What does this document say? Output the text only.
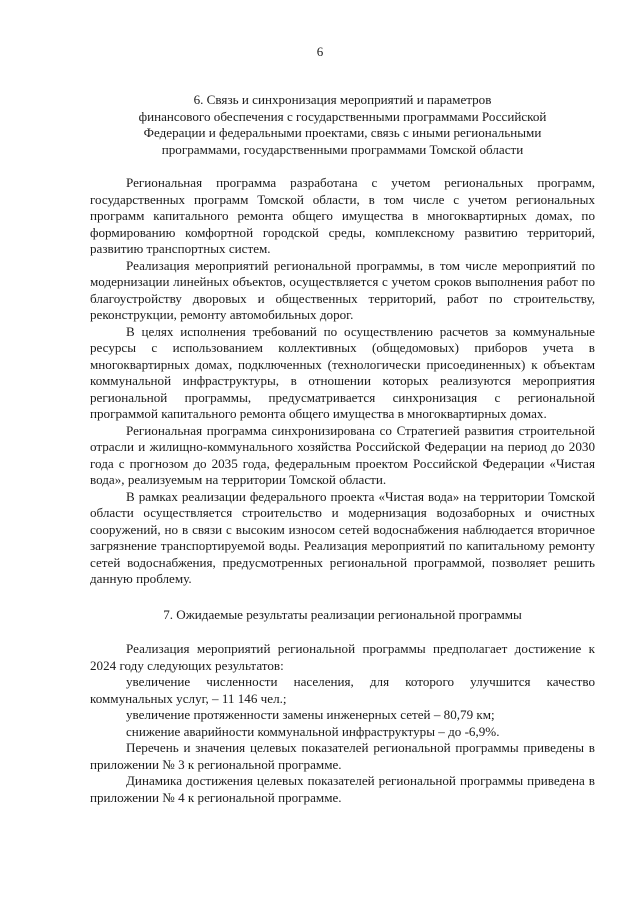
6
6. Связь и синхронизация мероприятий и параметров
финансового обеспечения с государственными программами Российской
Федерации и федеральными проектами, связь с иными региональными
программами, государственными программами Томской области

Региональная программа разработана с учетом региональных программ, государственных программ Томской области, в том числе с учетом региональных программ капитального ремонта общего имущества в многоквартирных домах, по формированию комфортной городской среды, комплексному развитию территорий, развитию транспортных систем.

Реализация мероприятий региональной программы, в том числе мероприятий по модернизации линейных объектов, осуществляется с учетом сроков выполнения работ по благоустройству дворовых и общественных территорий, работ по строительству, реконструкции, ремонту автомобильных дорог.

В целях исполнения требований по осуществлению расчетов за коммунальные ресурсы с использованием коллективных (общедомовых) приборов учета в многоквартирных домах, подключенных (технологически присоединенных) к объектам коммунальной инфраструктуры, в отношении которых реализуются мероприятия региональной программы, предусматривается синхронизация с региональной программой капитального ремонта общего имущества в многоквартирных домах.

Региональная программа синхронизирована со Стратегией развития строительной отрасли и жилищно-коммунального хозяйства Российской Федерации на период до 2030 года с прогнозом до 2035 года, федеральным проектом Российской Федерации «Чистая вода», реализуемым на территории Томской области.

В рамках реализации федерального проекта «Чистая вода» на территории Томской области осуществляется строительство и модернизация водозаборных и очистных сооружений, но в связи с высоким износом сетей водоснабжения наблюдается вторичное загрязнение транспортируемой воды. Реализация мероприятий по капитальному ремонту сетей водоснабжения, предусмотренных региональной программой, позволяет решить данную проблему.

7. Ожидаемые результаты реализации региональной программы

Реализация мероприятий региональной программы предполагает достижение к 2024 году следующих результатов:

увеличение численности населения, для которого улучшится качество коммунальных услуг, – 11 146 чел.;

увеличение протяженности замены инженерных сетей – 80,79 км;

снижение аварийности коммунальной инфраструктуры – до -6,9%.

Перечень и значения целевых показателей региональной программы приведены в приложении № 3 к региональной программе.

Динамика достижения целевых показателей региональной программы приведена в приложении № 4 к региональной программе.
